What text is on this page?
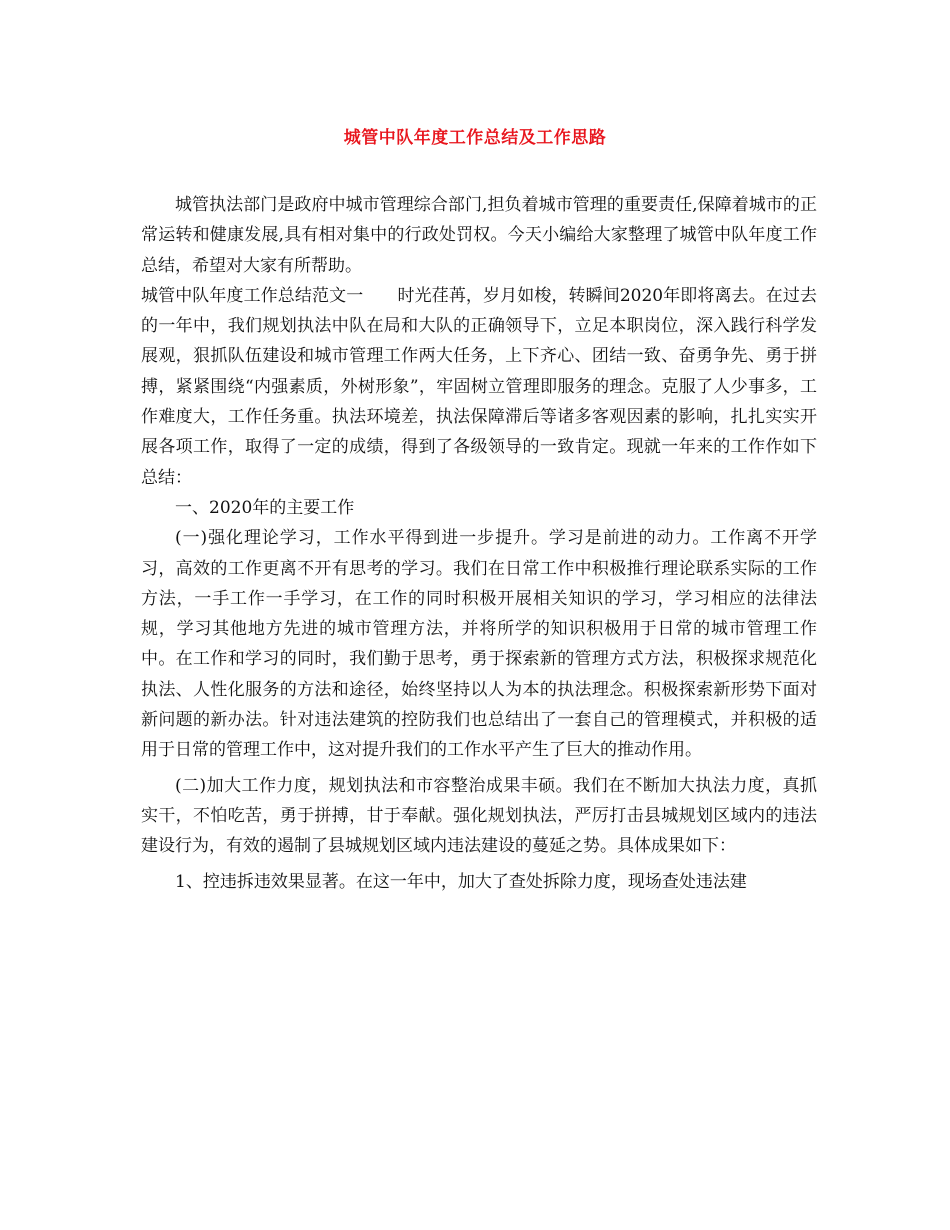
城管中队年度工作总结及工作思路

城管执法部门是政府中城市管理综合部门,担负着城市管理的重要责任,保障着城市的正常运转和健康发展,具有相对集中的行政处罚权。今天小编给大家整理了城管中队年度工作总结，希望对大家有所帮助。

城管中队年度工作总结范文一　　时光荏苒，岁月如梭，转瞬间2020年即将离去。在过去的一年中，我们规划执法中队在局和大队的正确领导下，立足本职岗位，深入践行科学发展观，狠抓队伍建设和城市管理工作两大任务，上下齐心、团结一致、奋勇争先、勇于拼搏，紧紧围绕“内强素质，外树形象”，牢固树立管理即服务的理念。克服了人少事多，工作难度大，工作任务重。执法环境差，执法保障滞后等诸多客观因素的影响，扎扎实实开展各项工作，取得了一定的成绩，得到了各级领导的一致肯定。现就一年来的工作作如下总结：

一、2020年的主要工作

(一)强化理论学习，工作水平得到进一步提升。学习是前进的动力。工作离不开学习，高效的工作更离不开有思考的学习。我们在日常工作中积极推行理论联系实际的工作方法，一手工作一手学习，在工作的同时积极开展相关知识的学习，学习相应的法律法规，学习其他地方先进的城市管理方法，并将所学的知识积极用于日常的城市管理工作中。在工作和学习的同时，我们勤于思考，勇于探索新的管理方式方法，积极探求规范化执法、人性化服务的方法和途径，始终坚持以人为本的执法理念。积极探索新形势下面对新问题的新办法。针对违法建筑的控防我们也总结出了一套自己的管理模式，并积极的适用于日常的管理工作中，这对提升我们的工作水平产生了巨大的推动作用。

(二)加大工作力度，规划执法和市容整治成果丰硕。我们在不断加大执法力度，真抓实干，不怕吃苦，勇于拼搏，甘于奉献。强化规划执法，严厉打击县城规划区域内的违法建设行为，有效的遏制了县城规划区域内违法建设的蔓延之势。具体成果如下：

1、控违拆违效果显著。在这一年中，加大了查处拆除力度，现场查处违法建
